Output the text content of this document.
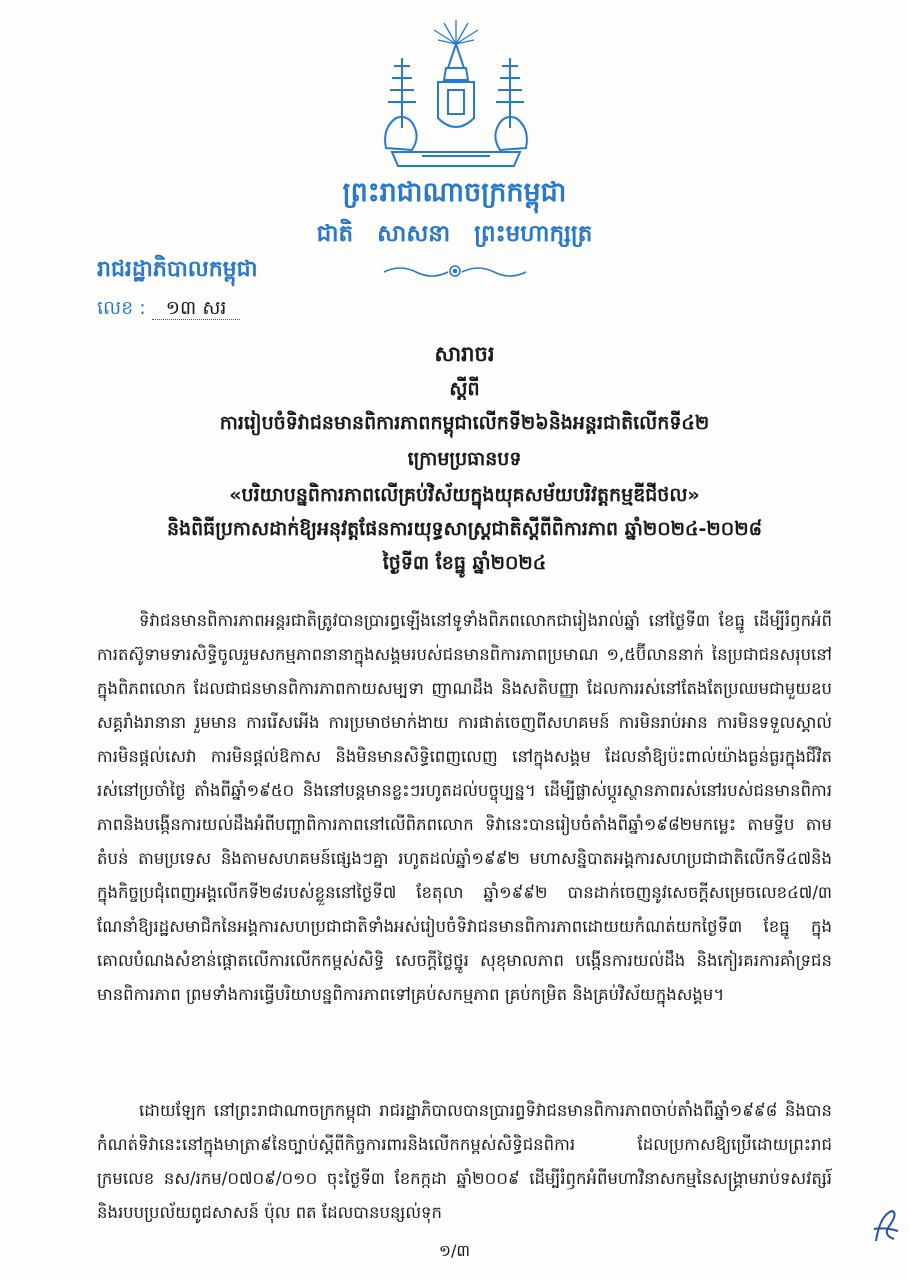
ព្រះរាជាណាចក្រកម្ពុជា
ជាតិ សាសនា ព្រះមហាក្សត្រ
រាជរដ្ឋាភិបាលកម្ពុជា
លេខ : ១៣ សរ
សារាចរ
ស្តីពី
ការរៀបចំទិវាជនមានពិការភាពកម្ពុជាលើកទី២៦និងអន្តរជាតិលើកទី៤២
ក្រោមប្រធានបទ
«បរិយាបន្នពិការភាពលើគ្រប់វិស័យក្នុងយុគសម័យបរិវត្តកម្មឌីជីថល»
និងពិធីប្រកាសដាក់ឱ្យអនុវត្តផែនការយុទ្ធសាស្ត្រជាតិស្តីពីពិការភាព ឆ្នាំ២០២៤-២០២៨
ថ្ងៃទី៣ ខែធ្នូ ឆ្នាំ២០២៤
ទិវាជនមានពិការភាពអន្តរជាតិត្រូវបានប្រារព្ធឡើងនៅទូទាំងពិភពលោកជារៀងរាល់ឆ្នាំ នៅថ្ងៃទី៣ ខែធ្នូ ដើម្បីរំឭកអំពីការតស៊ូទាមទារសិទ្ធិចូលរួមសកម្មភាពនានាក្នុងសង្គមរបស់ជនមានពិការភាពប្រមាណ ១,៥ប៊ីលាននាក់ នៃប្រជាជនសរុបនៅក្នុងពិភពលោក ដែលជាជនមានពិការភាពកាយសម្បទា ញាណដឹង និងសតិបញ្ញា ដែលការរស់នៅតែងតែប្រឈមជាមួយឧបសគ្គរាំងរានានា រួមមាន ការរើសអើង ការប្រមាថមាក់ងាយ ការផាត់ចេញពីសហគមន៍ ការមិនរាប់អាន ការមិនទទួលស្គាល់ ការមិនផ្តល់សេវា ការមិនផ្តល់ឱកាស និងមិនមានសិទ្ធិពេញលេញ នៅក្នុងសង្គម ដែលនាំឱ្យប៉ះពាល់យ៉ាងធ្ងន់ធ្ងរក្នុងជីវិតរស់នៅប្រចាំថ្ងៃ តាំងពីឆ្នាំ១៩៥០ និងនៅបន្តមានខ្លះៗរហូតដល់បច្ចុប្បន្ន។ ដើម្បីផ្លាស់ប្តូរស្ថានភាពរស់នៅរបស់ជនមានពិការភាពនិងបង្កើនការយល់ដឹងអំពីបញ្ហាពិការភាពនៅលើពិភពលោក ទិវានេះបានរៀបចំតាំងពីឆ្នាំ១៩៨២មកម្លេះ តាមទ្វីប តាមតំបន់ តាមប្រទេស និងតាមសហគមន៍ផ្សេងៗគ្នា រហូតដល់ឆ្នាំ១៩៩២ មហាសន្និបាតអង្គការសហប្រជាជាតិលើកទី៤៧និងក្នុងកិច្ចប្រជុំពេញអង្គលើកទី២៨របស់ខ្លួននៅថ្ងៃទី៧ ខែតុលា ឆ្នាំ១៩៩២ បានដាក់ចេញនូវសេចក្តីសម្រេចលេខ៤៧/៣ ណែនាំឱ្យរដ្ឋសមាជិកនៃអង្គការសហប្រជាជាតិទាំងអស់រៀបចំទិវាជនមានពិការភាពដោយយកំណត់យកថ្ងៃទី៣ ខែធ្នូ ក្នុងគោលបំណងសំខាន់ផ្តោតលើការលើកកម្ពស់សិទ្ធិ សេចក្តីថ្លៃថ្នូរ សុខុមាលភាព បង្កើនការយល់ដឹង និងកៀរគរការគាំទ្រជនមានពិការភាព ព្រមទាំងការធ្វើបរិយាបន្នពិការភាពទៅគ្រប់សកម្មភាព គ្រប់កម្រិត និងគ្រប់វិស័យក្នុងសង្គម។
ដោយឡែក នៅព្រះរាជាណាចក្រកម្ពុជា រាជរដ្ឋាភិបាលបានប្រារព្ធទិវាជនមានពិការភាពចាប់តាំងពីឆ្នាំ១៩៩៨ និងបានកំណត់ទិវានេះនៅក្នុងមាត្រា៩នៃច្បាប់ស្តីពីកិច្ចការពារនិងលើកកម្ពស់សិទ្ធិជនពិការ ដែលប្រកាសឱ្យប្រើដោយព្រះរាជក្រមលេខ នស/រកម/០៧០៩/០១០ ចុះថ្ងៃទី៣ ខែកក្កដា ឆ្នាំ២០០៩ ដើម្បីរំឭកអំពីមហាវិនាសកម្មនៃសង្គ្រាមរាប់ទសវត្សរ៍ និងរបបប្រល័យពូជសាសន៍ ប៉ុល ពត ដែលបានបន្សល់ទុក
១/៣
